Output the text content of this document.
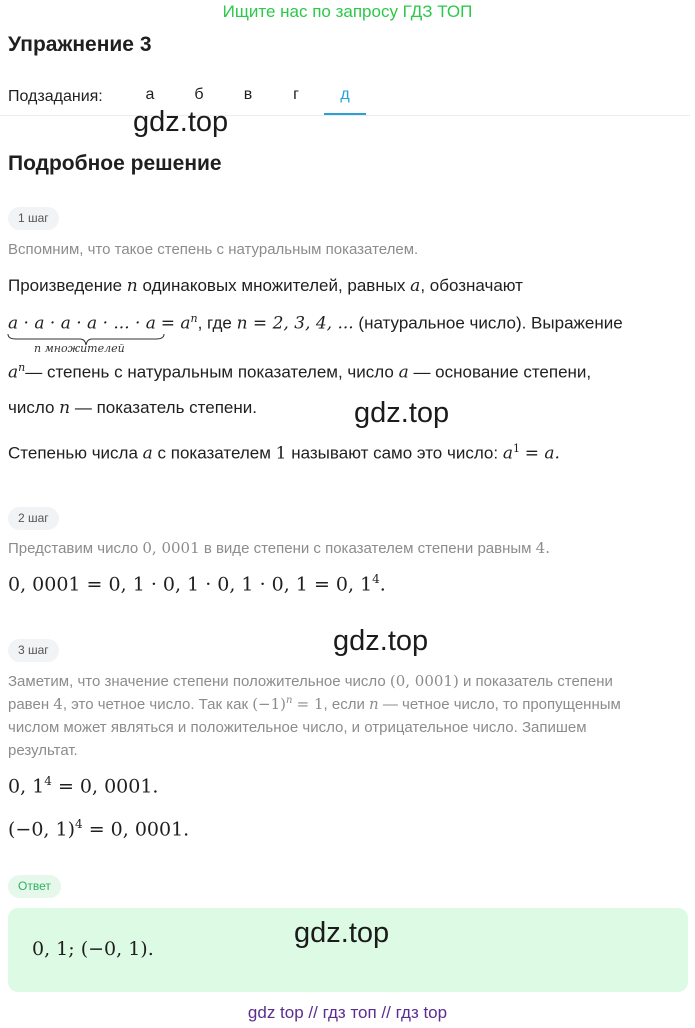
Ищите нас по запросу ГДЗ ТОП
Упражнение 3
Подзадания:	а	б	в	г	д
gdz.top
Подробное решение
1 шаг
Вспомним, что такое степень с натуральным показателем.
Произведение n одинаковых множителей, равных a, обозначают
a · a · a · a · ... · $a = a^n$, где n = 2, 3, 4, ... (натуральное число). Выражение
n множителей
$a^n—$ степень с натуральным показателем, число a — основание степени,
число n — показатель степени.	gdz.top
Степенью числа a с показателем 1 называют само это число: $a^1 = a$.
2 шаг
Представим число 0, 0001 в виде степени с показателем степени равным 4.
0, 0001 = 0, 1 · 0, 1 · 0, 1 · 0, 1 = 0, $1^4$.
gdz.top
3 шаг
Заметим, что значение степени положительное число (0, 0001) и показатель степени
равен 4, это четное число. Так как $(-1)^n = 1$, если n — четное число, то пропущенным
числом может являться и положительное число, и отрицательное число. Запишем
результат.
0, $1^4 = 0$, 0001.
(−0, 1)$^4$ = 0, 0001.
Ответ
0, 1; (−0, 1).	gdz.top
gdz top // гдз топ // гдз top
